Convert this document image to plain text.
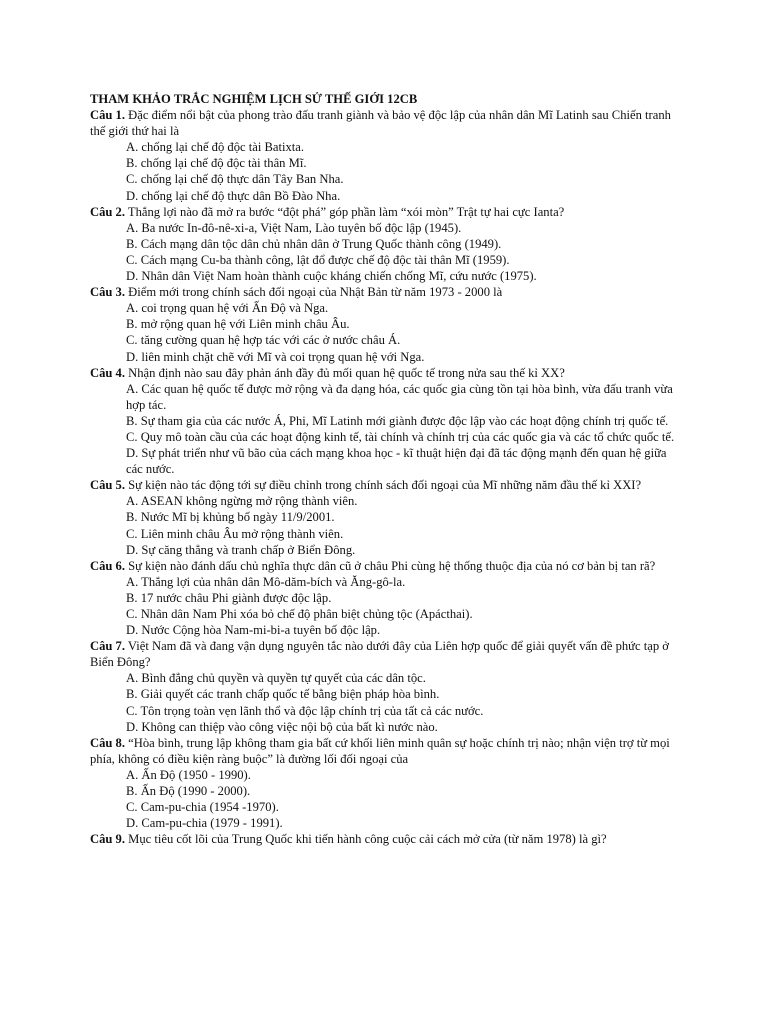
THAM KHẢO TRẮC NGHIỆM LỊCH SỬ THẾ GIỚI 12CB
Câu 1. Đặc điểm nổi bật của phong trào đấu tranh giành và bảo vệ độc lập của nhân dân Mĩ Latinh sau Chiến tranh thế giới thứ hai là
A. chống lại chế độ độc tài Batixta.
B. chống lại chế độ độc tài thân Mĩ.
C. chống lại chế độ thực dân Tây Ban Nha.
D. chống lại chế độ thực dân Bồ Đào Nha.
Câu 2. Thắng lợi nào đã mở ra bước “đột phá” góp phần làm “xói mòn” Trật tự hai cực Ianta?
A. Ba nước In-đô-nê-xi-a, Việt Nam, Lào tuyên bố độc lập (1945).
B. Cách mạng dân tộc dân chủ nhân dân ở Trung Quốc thành công (1949).
C. Cách mạng Cu-ba thành công, lật đổ được chế độ độc tài thân Mĩ (1959).
D. Nhân dân Việt Nam hoàn thành cuộc kháng chiến chống Mĩ, cứu nước (1975).
Câu 3. Điểm mới trong chính sách đối ngoại của Nhật Bản từ năm 1973 - 2000 là
A. coi trọng quan hệ với Ấn Độ và Nga.
B. mở rộng quan hệ với Liên minh châu Âu.
C. tăng cường quan hệ hợp tác với các ở nước châu Á.
D. liên minh chặt chẽ với Mĩ và coi trọng quan hệ với Nga.
Câu 4. Nhận định nào sau đây phản ánh đầy đủ mối quan hệ quốc tế trong nửa sau thế kỉ XX?
A. Các quan hệ quốc tế được mở rộng và đa dạng hóa, các quốc gia cùng tồn tại hòa bình, vừa đấu tranh vừa hợp tác.
B. Sự tham gia của các nước Á, Phi, Mĩ Latinh mới giành được độc lập vào các hoạt động chính trị quốc tế.
C. Quy mô toàn cầu của các hoạt động kinh tế, tài chính và chính trị của các quốc gia và các tổ chức quốc tế.
D. Sự phát triển như vũ bão của cách mạng khoa học - kĩ thuật hiện đại đã tác động mạnh đến quan hệ giữa các nước.
Câu 5. Sự kiện nào tác động tới sự điều chỉnh trong chính sách đối ngoại của Mĩ những năm đầu thế kỉ XXI?
A. ASEAN không ngừng mở rộng thành viên.
B. Nước Mĩ bị khủng bố ngày 11/9/2001.
C. Liên minh châu Âu mở rộng thành viên.
D. Sự căng thẳng và tranh chấp ở Biển Đông.
Câu 6. Sự kiện nào đánh dấu chủ nghĩa thực dân cũ ở châu Phi cùng hệ thống thuộc địa của nó cơ bản bị tan rã?
A. Thắng lợi của nhân dân Mô-dăm-bích và Ăng-gô-la.
B. 17 nước châu Phi giành được độc lập.
C. Nhân dân Nam Phi xóa bỏ chế độ phân biệt chủng tộc (Apácthai).
D. Nước Cộng hòa Nam-mi-bi-a tuyên bố độc lập.
Câu 7. Việt Nam đã và đang vận dụng nguyên tắc nào dưới đây của Liên hợp quốc để giải quyết vấn đề phức tạp ở Biển Đông?
A. Bình đẳng chủ quyền và quyền tự quyết của các dân tộc.
B. Giải quyết các tranh chấp quốc tế bằng biện pháp hòa bình.
C. Tôn trọng toàn vẹn lãnh thổ và độc lập chính trị của tất cả các nước.
D. Không can thiệp vào công việc nội bộ của bất kì nước nào.
Câu 8. “Hòa bình, trung lập không tham gia bất cứ khối liên minh quân sự hoặc chính trị nào; nhận viện trợ từ mọi phía, không có điều kiện ràng buộc” là đường lối đối ngoại của
A. Ấn Độ (1950 - 1990).
B. Ấn Độ (1990 - 2000).
C. Cam-pu-chia (1954 -1970).
D. Cam-pu-chia (1979 - 1991).
Câu 9. Mục tiêu cốt lõi của Trung Quốc khi tiến hành công cuộc cải cách mở cửa (từ năm 1978) là gì?
